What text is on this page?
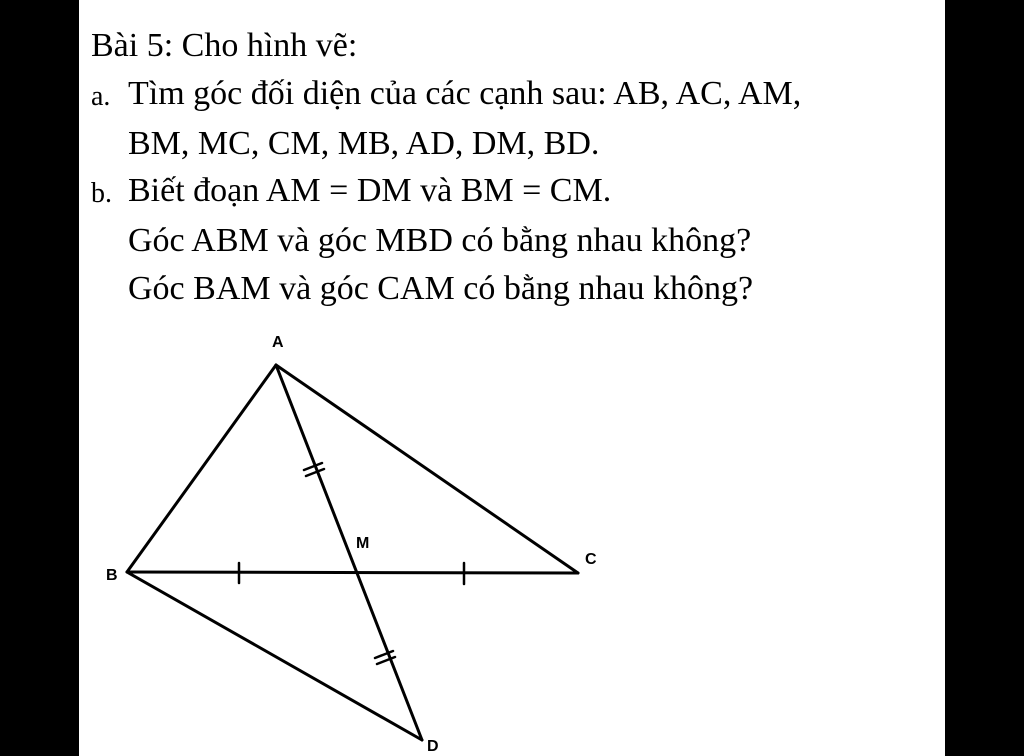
Bài 5: Cho hình vẽ:
a. Tìm góc đối diện của các cạnh sau: AB, AC, AM,
BM, MC, CM, MB, AD, DM, BD.
b. Biết đoạn AM = DM và BM = CM.
Góc ABM và góc MBD có bằng nhau không?
Góc BAM và góc CAM có bằng nhau không?
A
B
C
M
D
